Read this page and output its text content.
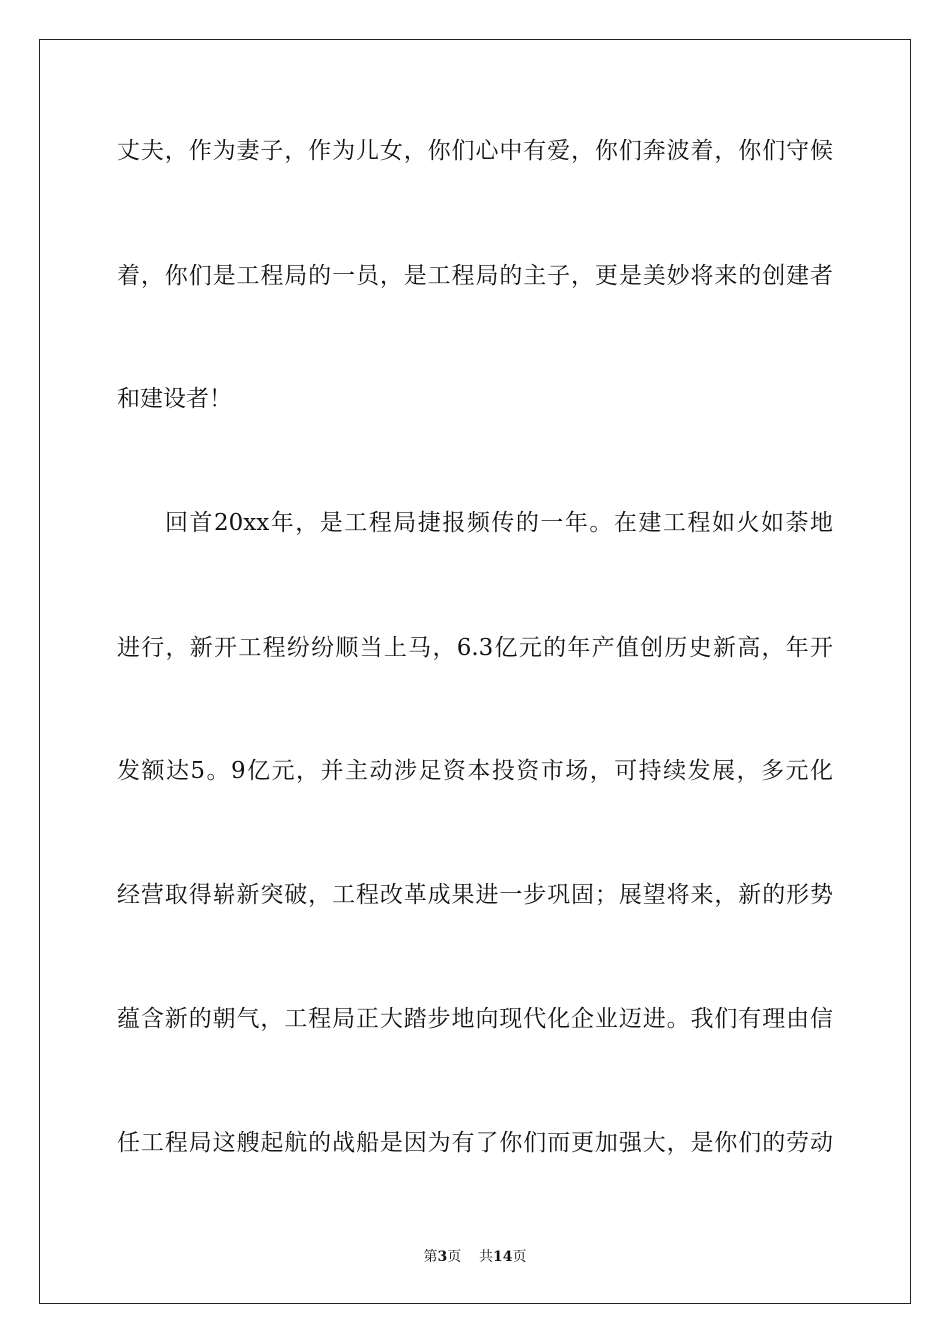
丈夫，作为妻子，作为儿女，你们心中有爱，你们奔波着，你们守候
着，你们是工程局的一员，是工程局的主子，更是美妙将来的创建者
和建设者！
回首20xx年，是工程局捷报频传的一年。在建工程如火如荼地
进行，新开工程纷纷顺当上马，6.3亿元的年产值创历史新高，年开
发额达5。9亿元，并主动涉足资本投资市场，可持续发展，多元化
经营取得崭新突破，工程改革成果进一步巩固；展望将来，新的形势
蕴含新的朝气，工程局正大踏步地向现代化企业迈进。我们有理由信
任工程局这艘起航的战船是因为有了你们而更加强大，是你们的劳动
第3页 共14页
